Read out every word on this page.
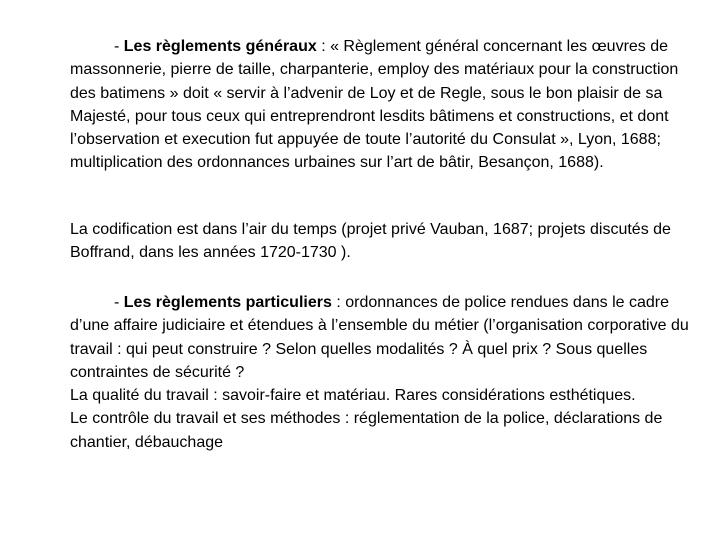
- Les règlements généraux : « Règlement général concernant les œuvres de massonnerie, pierre de taille, charpanterie, employ des matériaux pour la construction des batimens » doit « servir à l’advenir de Loy et de Regle, sous le bon plaisir de sa Majesté, pour tous ceux qui entreprendront lesdits bâtimens et constructions, et dont l’observation et execution fut appuyée de toute l’autorité du Consulat », Lyon, 1688; multiplication des ordonnances urbaines sur l’art de bâtir, Besançon, 1688).

La codification est dans l’air du temps (projet privé Vauban, 1687; projets discutés de Boffrand, dans les années 1720-1730 ).

- Les règlements particuliers : ordonnances de police rendues dans le cadre d’une affaire judiciaire et étendues à l’ensemble du métier (l’organisation corporative du travail : qui peut construire ? Selon quelles modalités ? À quel prix ? Sous quelles contraintes de sécurité ?

La qualité du travail : savoir-faire et matériau. Rares considérations esthétiques.

Le contrôle du travail et ses méthodes : réglementation de la police, déclarations de chantier, débauchage
